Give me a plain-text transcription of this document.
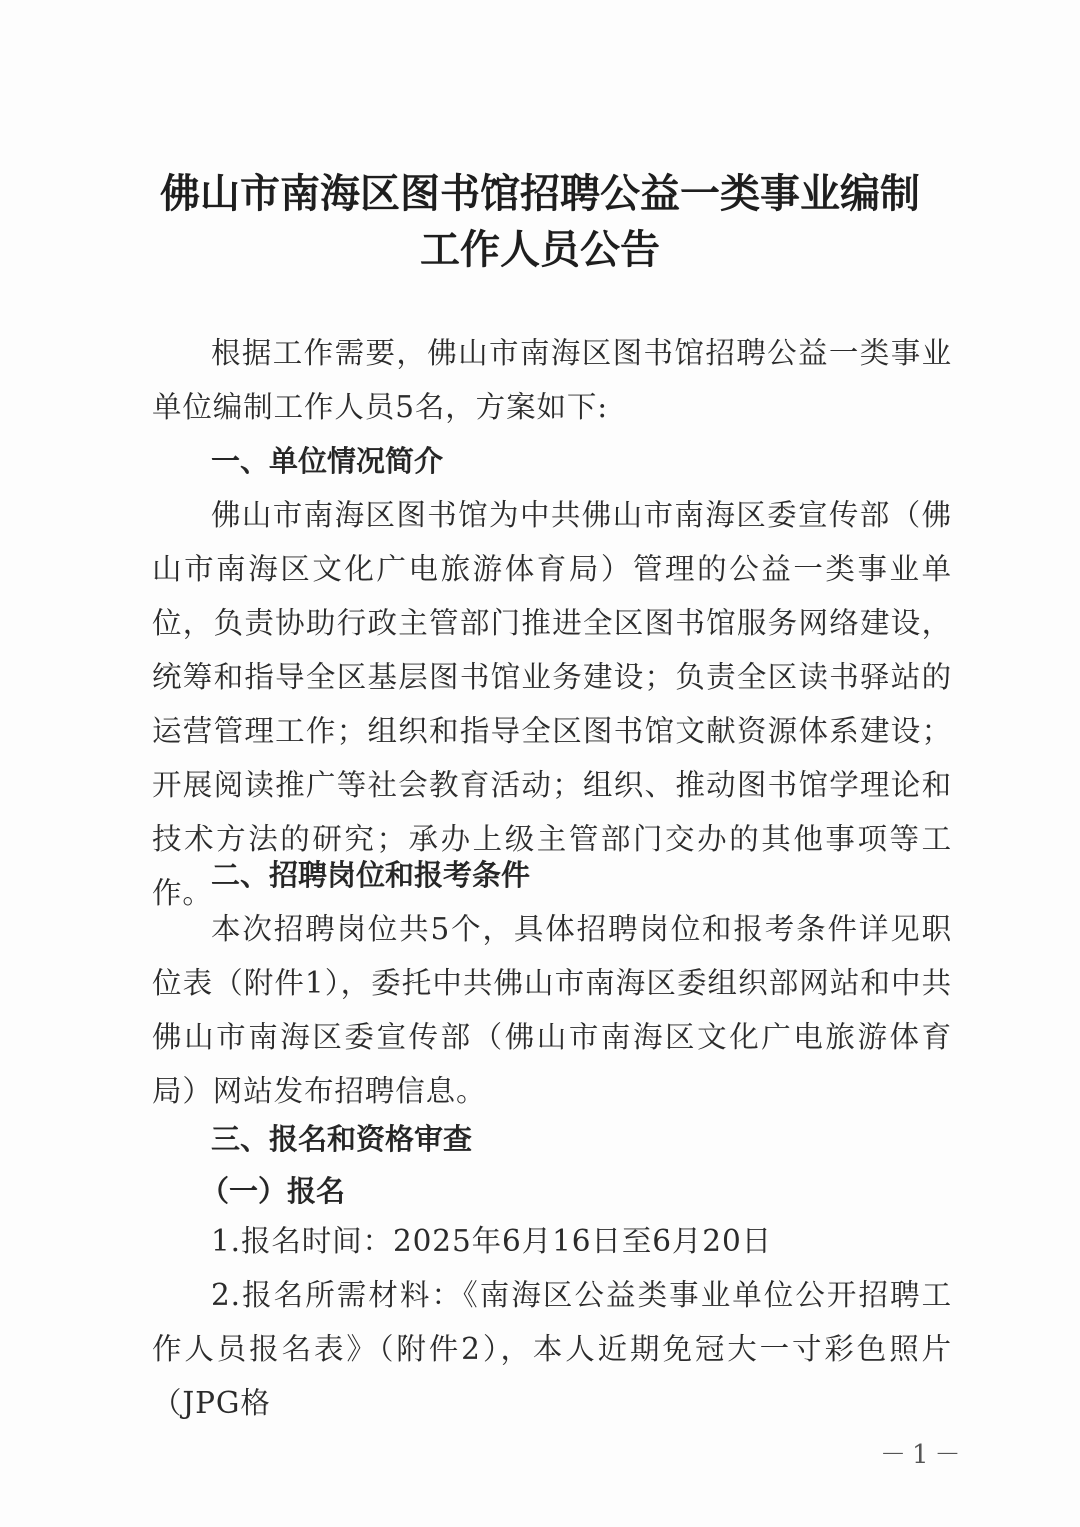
佛山市南海区图书馆招聘公益一类事业编制
工作人员公告

根据工作需要，佛山市南海区图书馆招聘公益一类事业单位编制工作人员5名，方案如下:

一、单位情况简介

佛山市南海区图书馆为中共佛山市南海区委宣传部（佛山市南海区文化广电旅游体育局）管理的公益一类事业单位，负责协助行政主管部门推进全区图书馆服务网络建设，统筹和指导全区基层图书馆业务建设；负责全区读书驿站的运营管理工作；组织和指导全区图书馆文献资源体系建设；开展阅读推广等社会教育活动；组织、推动图书馆学理论和技术方法的研究；承办上级主管部门交办的其他事项等工作。

二、招聘岗位和报考条件

本次招聘岗位共5个，具体招聘岗位和报考条件详见职位表（附件1），委托中共佛山市南海区委组织部网站和中共佛山市南海区委宣传部（佛山市南海区文化广电旅游体育局）网站发布招聘信息。

三、报名和资格审查

（一）报名

1.报名时间：2025年6月16日至6月20日

2.报名所需材料：《南海区公益类事业单位公开招聘工作人员报名表》（附件2），本人近期免冠大一寸彩色照片（JPG格

－1－
